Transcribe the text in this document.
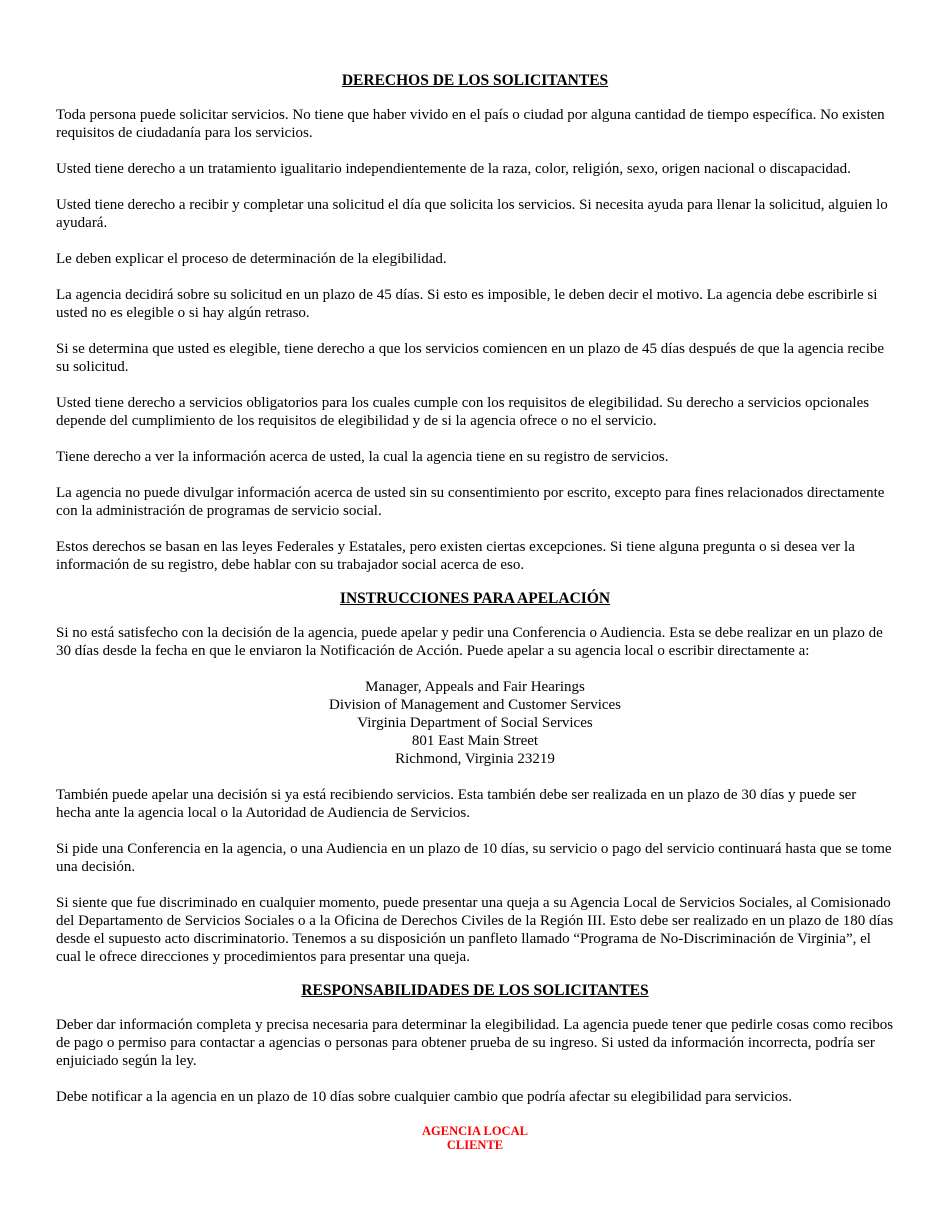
DERECHOS DE LOS SOLICITANTES

Toda persona puede solicitar servicios. No tiene que haber vivido en el país o ciudad por alguna cantidad de tiempo específica. No existen requisitos de ciudadanía para los servicios.

Usted tiene derecho a un tratamiento igualitario independientemente de la raza, color, religión, sexo, origen nacional o discapacidad.

Usted tiene derecho a recibir y completar una solicitud el día que solicita los servicios. Si necesita ayuda para llenar la solicitud, alguien lo ayudará.

Le deben explicar el proceso de determinación de la elegibilidad.

La agencia decidirá sobre su solicitud en un plazo de 45 días. Si esto es imposible, le deben decir el motivo. La agencia debe escribirle si usted no es elegible o si hay algún retraso.

Si se determina que usted es elegible, tiene derecho a que los servicios comiencen en un plazo de 45 días después de que la agencia recibe su solicitud.

Usted tiene derecho a servicios obligatorios para los cuales cumple con los requisitos de elegibilidad. Su derecho a servicios opcionales depende del cumplimiento de los requisitos de elegibilidad y de si la agencia ofrece o no el servicio.

Tiene derecho a ver la información acerca de usted, la cual la agencia tiene en su registro de servicios.

La agencia no puede divulgar información acerca de usted sin su consentimiento por escrito, excepto para fines relacionados directamente con la administración de programas de servicio social.

Estos derechos se basan en las leyes Federales y Estatales, pero existen ciertas excepciones. Si tiene alguna pregunta o si desea ver la información de su registro, debe hablar con su trabajador social acerca de eso.

INSTRUCCIONES PARA APELACIÓN

Si no está satisfecho con la decisión de la agencia, puede apelar y pedir una Conferencia o Audiencia. Esta se debe realizar en un plazo de 30 días desde la fecha en que le enviaron la Notificación de Acción. Puede apelar a su agencia local o escribir directamente a:

Manager, Appeals and Fair Hearings
Division of Management and Customer Services
Virginia Department of Social Services
801 East Main Street
Richmond, Virginia 23219

También puede apelar una decisión si ya está recibiendo servicios. Esta también debe ser realizada en un plazo de 30 días y puede ser hecha ante la agencia local o la Autoridad de Audiencia de Servicios.

Si pide una Conferencia en la agencia, o una Audiencia en un plazo de 10 días, su servicio o pago del servicio continuará hasta que se tome una decisión.

Si siente que fue discriminado en cualquier momento, puede presentar una queja a su Agencia Local de Servicios Sociales, al Comisionado del Departamento de Servicios Sociales o a la Oficina de Derechos Civiles de la Región III. Esto debe ser realizado en un plazo de 180 días desde el supuesto acto discriminatorio. Tenemos a su disposición un panfleto llamado “Programa de No-Discriminación de Virginia”, el cual le ofrece direcciones y procedimientos para presentar una queja.

RESPONSABILIDADES DE LOS SOLICITANTES

Deber dar información completa y precisa necesaria para determinar la elegibilidad. La agencia puede tener que pedirle cosas como recibos de pago o permiso para contactar a agencias o personas para obtener prueba de su ingreso. Si usted da información incorrecta, podría ser enjuiciado según la ley.

Debe notificar a la agencia en un plazo de 10 días sobre cualquier cambio que podría afectar su elegibilidad para servicios.

AGENCIA LOCAL
CLIENTE
